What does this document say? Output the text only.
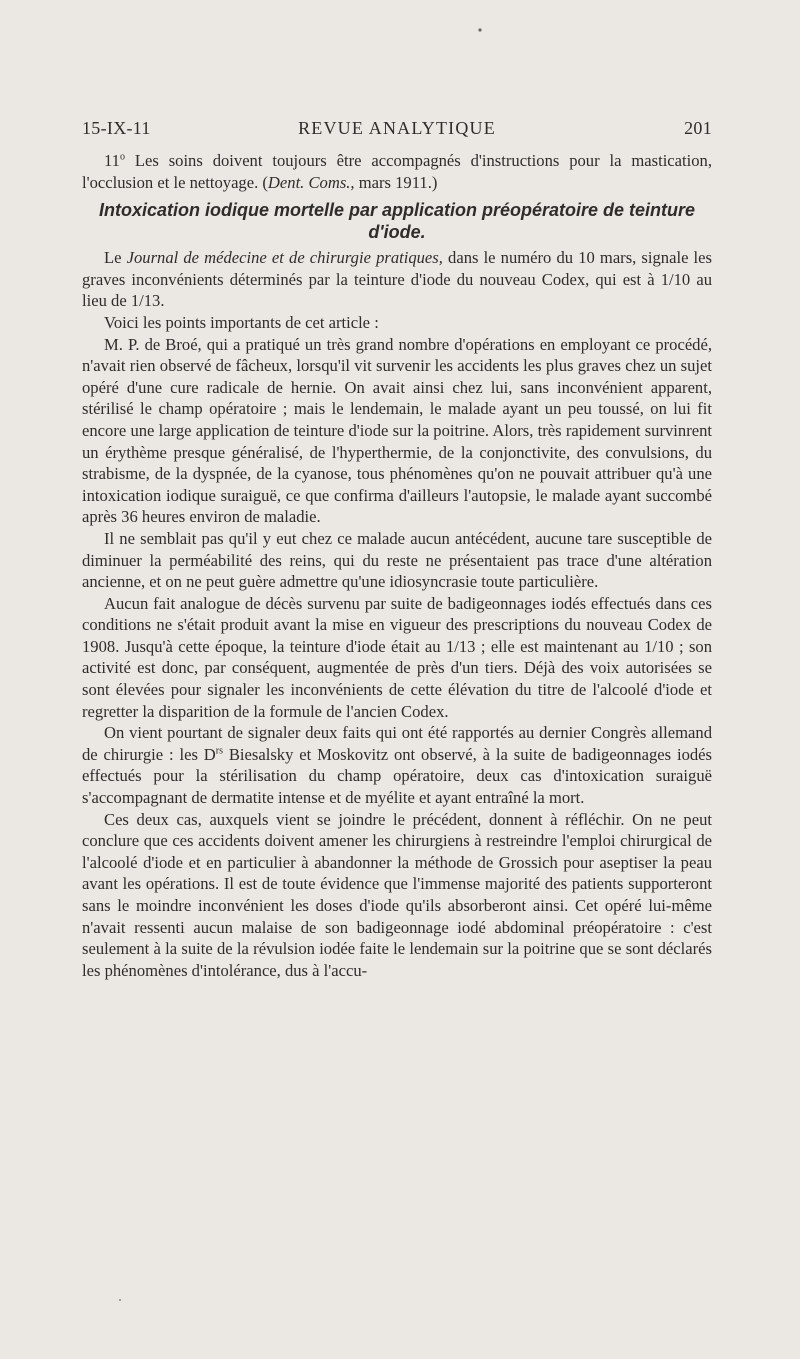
15-IX-11	REVUE ANALYTIQUE	201

11$^o$ Les soins doivent toujours être accompagnés d'instructions pour la mastication, l'occlusion et le nettoyage. (Dent. Coms., mars 1911.)

Intoxication iodique mortelle par application préopératoire de teinture d'iode.

Le Journal de médecine et de chirurgie pratiques, dans le numéro du 10 mars, signale les graves inconvénients déterminés par la teinture d'iode du nouveau Codex, qui est à 1/10 au lieu de 1/13.

Voici les points importants de cet article :

M. P. de Broé, qui a pratiqué un très grand nombre d'opérations en employant ce procédé, n'avait rien observé de fâcheux, lorsqu'il vit survenir les accidents les plus graves chez un sujet opéré d'une cure radicale de hernie. On avait ainsi chez lui, sans inconvénient apparent, stérilisé le champ opératoire ; mais le lendemain, le malade ayant un peu toussé, on lui fit encore une large application de teinture d'iode sur la poitrine. Alors, très rapidement survinrent un érythème presque généralisé, de l'hyperthermie, de la conjonctivite, des convulsions, du strabisme, de la dyspnée, de la cyanose, tous phénomènes qu'on ne pouvait attribuer qu'à une intoxication iodique suraiguë, ce que confirma d'ailleurs l'autopsie, le malade ayant succombé après 36 heures environ de maladie.

Il ne semblait pas qu'il y eut chez ce malade aucun antécédent, aucune tare susceptible de diminuer la perméabilité des reins, qui du reste ne présentaient pas trace d'une altération ancienne, et on ne peut guère admettre qu'une idiosyncrasie toute particulière.

Aucun fait analogue de décès survenu par suite de badigeonnages iodés effectués dans ces conditions ne s'était produit avant la mise en vigueur des prescriptions du nouveau Codex de 1908. Jusqu'à cette époque, la teinture d'iode était au 1/13 ; elle est maintenant au 1/10 ; son activité est donc, par conséquent, augmentée de près d'un tiers. Déjà des voix autorisées se sont élevées pour signaler les inconvénients de cette élévation du titre de l'alcoolé d'iode et regretter la disparition de la formule de l'ancien Codex.

On vient pourtant de signaler deux faits qui ont été rapportés au dernier Congrès allemand de chirurgie : les $D^{rs}$ Biesalsky et Moskovitz ont observé, à la suite de badigeonnages iodés effectués pour la stérilisation du champ opératoire, deux cas d'intoxication suraiguë s'accompagnant de dermatite intense et de myélite et ayant entraîné la mort.

Ces deux cas, auxquels vient se joindre le précédent, donnent à réfléchir. On ne peut conclure que ces accidents doivent amener les chirurgiens à restreindre l'emploi chirurgical de l'alcoolé d'iode et en particulier à abandonner la méthode de Grossich pour aseptiser la peau avant les opérations. Il est de toute évidence que l'immense majorité des patients supporteront sans le moindre inconvénient les doses d'iode qu'ils absorberont ainsi. Cet opéré lui-même n'avait ressenti aucun malaise de son badigeonnage iodé abdominal préopératoire : c'est seulement à la suite de la révulsion iodée faite le lendemain sur la poitrine que se sont déclarés les phénomènes d'intolérance, dus à l'accu-
